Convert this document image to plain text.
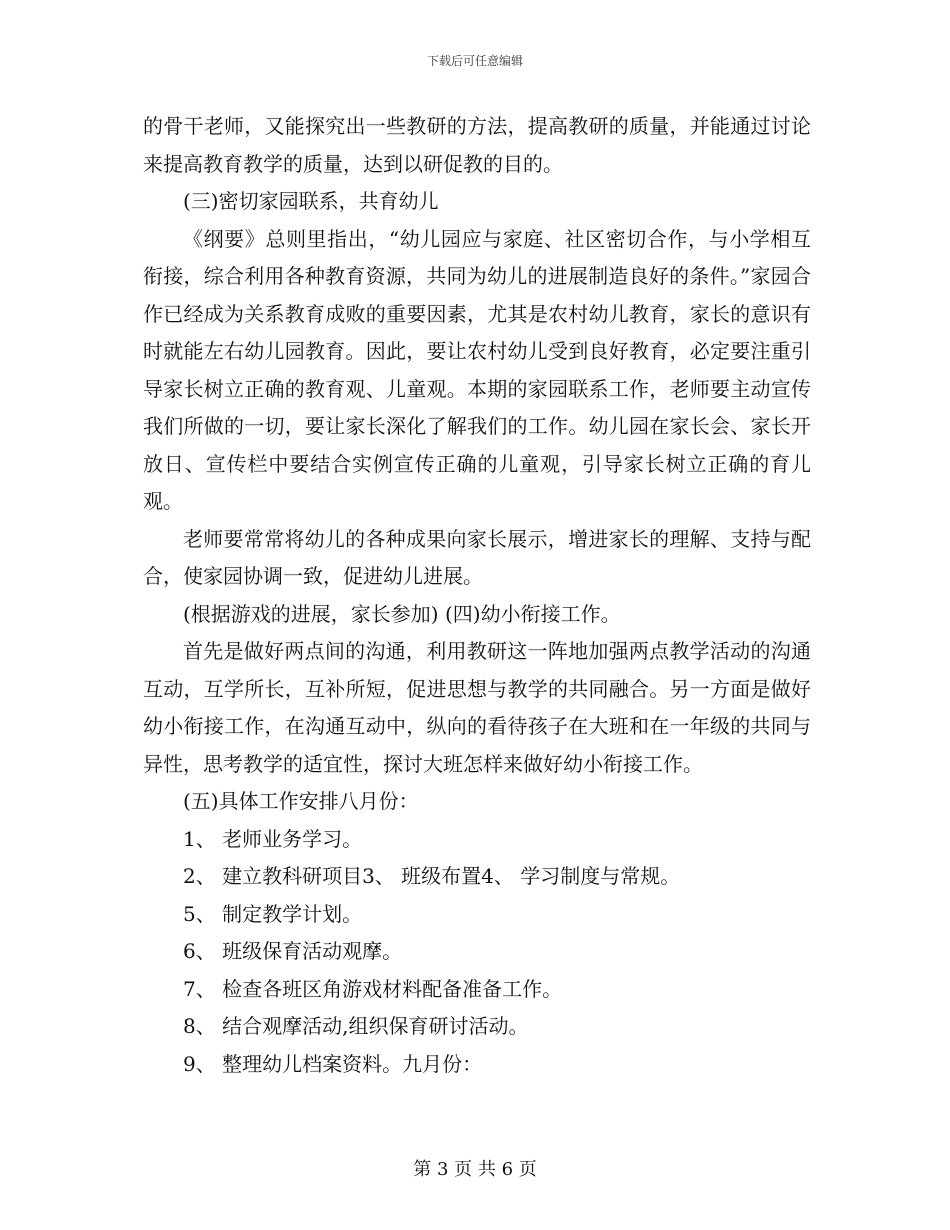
下载后可任意编辑

的骨干老师，又能探究出一些教研的方法，提高教研的质量，并能通过讨论来提高教育教学的质量，达到以研促教的目的。

(三)密切家园联系，共育幼儿

《纲要》总则里指出，“幼儿园应与家庭、社区密切合作，与小学相互衔接，综合利用各种教育资源，共同为幼儿的进展制造良好的条件。”家园合作已经成为关系教育成败的重要因素，尤其是农村幼儿教育，家长的意识有时就能左右幼儿园教育。因此，要让农村幼儿受到良好教育，必定要注重引导家长树立正确的教育观、儿童观。本期的家园联系工作，老师要主动宣传我们所做的一切，要让家长深化了解我们的工作。幼儿园在家长会、家长开放日、宣传栏中要结合实例宣传正确的儿童观，引导家长树立正确的育儿观。

老师要常常将幼儿的各种成果向家长展示，增进家长的理解、支持与配合，使家园协调一致，促进幼儿进展。

(根据游戏的进展，家长参加) (四)幼小衔接工作。

首先是做好两点间的沟通，利用教研这一阵地加强两点教学活动的沟通互动，互学所长，互补所短，促进思想与教学的共同融合。另一方面是做好幼小衔接工作，在沟通互动中，纵向的看待孩子在大班和在一年级的共同与异性，思考教学的适宜性，探讨大班怎样来做好幼小衔接工作。

(五)具体工作安排八月份：

1、 老师业务学习。

2、 建立教科研项目3、 班级布置4、 学习制度与常规。

5、 制定教学计划。

6、 班级保育活动观摩。

7、 检查各班区角游戏材料配备准备工作。

8、 结合观摩活动,组织保育研讨活动。

9、 整理幼儿档案资料。九月份：

第 3 页 共 6 页
